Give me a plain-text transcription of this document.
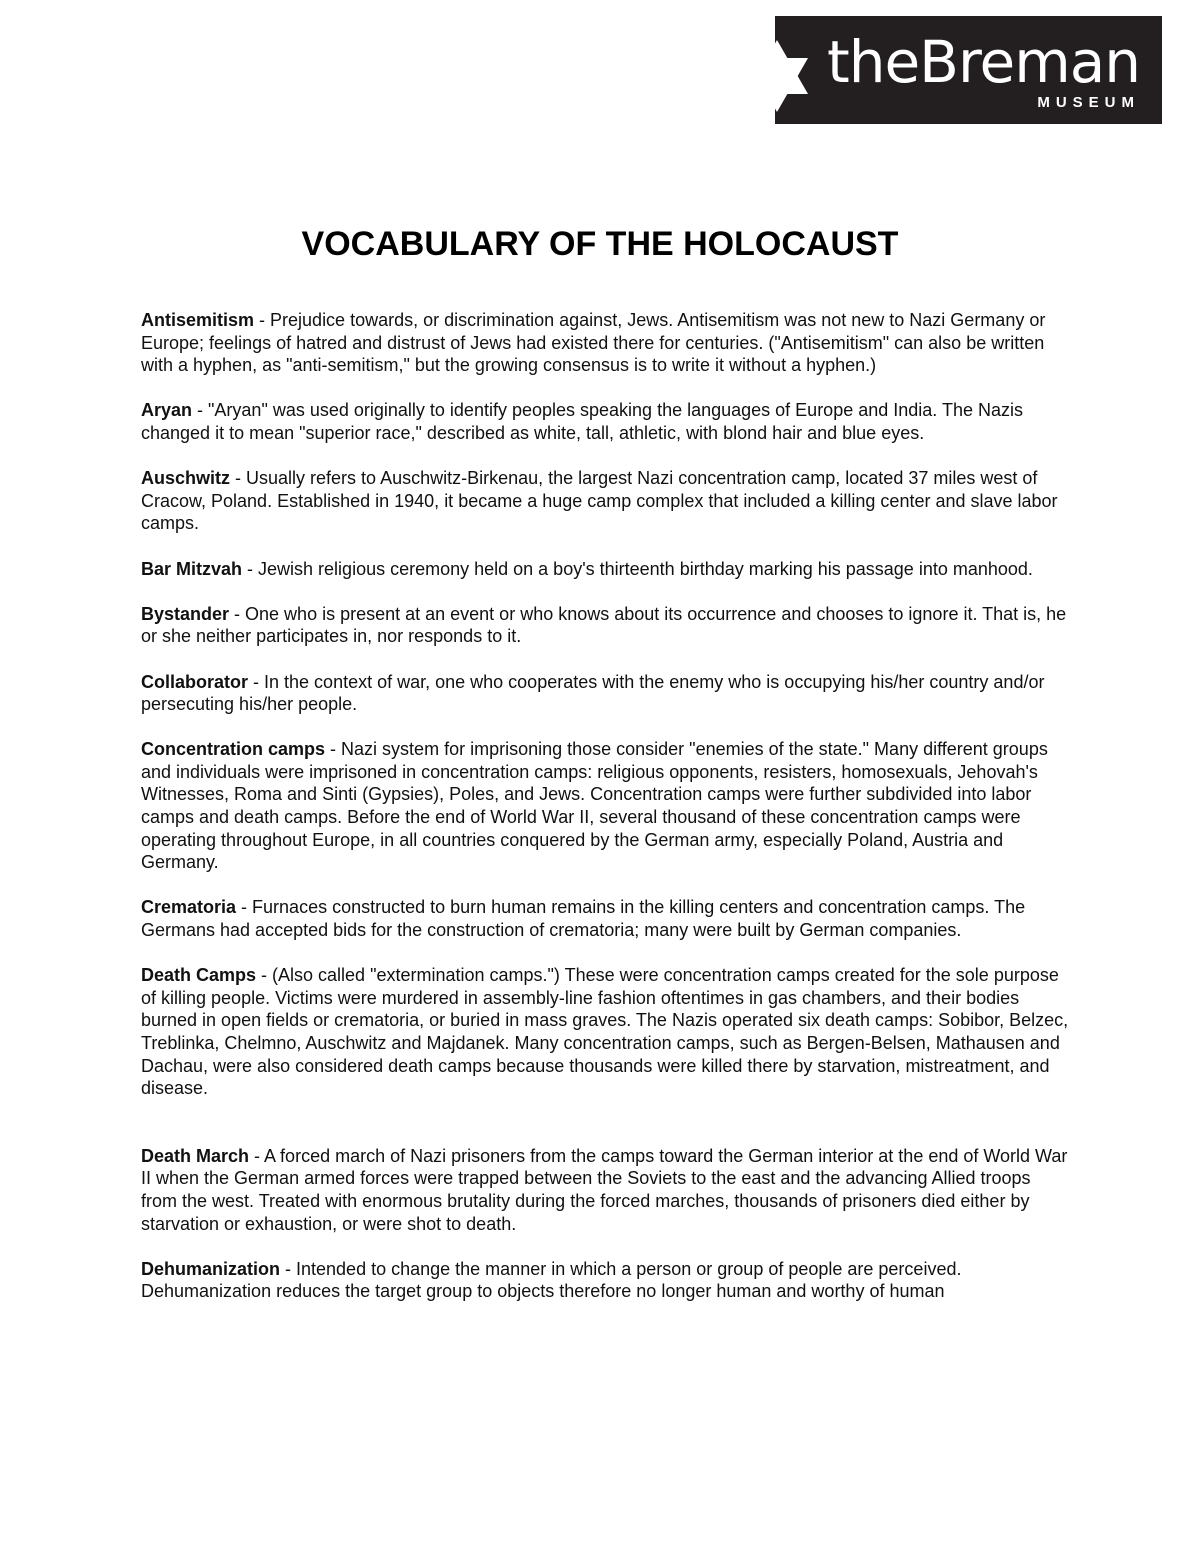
theBreman
MUSEUM
VOCABULARY OF THE HOLOCAUST

Antisemitism - Prejudice towards, or discrimination against, Jews. Antisemitism was not new to Nazi Germany or Europe; feelings of hatred and distrust of Jews had existed there for centuries. ("Antisemitism" can also be written with a hyphen, as "anti-semitism," but the growing consensus is to write it without a hyphen.)

Aryan - "Aryan" was used originally to identify peoples speaking the languages of Europe and India. The Nazis changed it to mean "superior race," described as white, tall, athletic, with blond hair and blue eyes.

Auschwitz - Usually refers to Auschwitz-Birkenau, the largest Nazi concentration camp, located 37 miles west of Cracow, Poland. Established in 1940, it became a huge camp complex that included a killing center and slave labor camps.

Bar Mitzvah - Jewish religious ceremony held on a boy's thirteenth birthday marking his passage into manhood.

Bystander - One who is present at an event or who knows about its occurrence and chooses to ignore it. That is, he or she neither participates in, nor responds to it.

Collaborator - In the context of war, one who cooperates with the enemy who is occupying his/her country and/or persecuting his/her people.

Concentration camps - Nazi system for imprisoning those consider "enemies of the state." Many different groups and individuals were imprisoned in concentration camps: religious opponents, resisters, homosexuals, Jehovah's Witnesses, Roma and Sinti (Gypsies), Poles, and Jews. Concentration camps were further subdivided into labor camps and death camps. Before the end of World War II, several thousand of these concentration camps were operating throughout Europe, in all countries conquered by the German army, especially Poland, Austria and Germany.

Crematoria - Furnaces constructed to burn human remains in the killing centers and concentration camps. The Germans had accepted bids for the construction of crematoria; many were built by German companies.

Death Camps - (Also called "extermination camps.") These were concentration camps created for the sole purpose of killing people. Victims were murdered in assembly-line fashion oftentimes in gas chambers, and their bodies burned in open fields or crematoria, or buried in mass graves. The Nazis operated six death camps: Sobibor, Belzec, Treblinka, Chelmno, Auschwitz and Majdanek. Many concentration camps, such as Bergen-Belsen, Mathausen and Dachau, were also considered death camps because thousands were killed there by starvation, mistreatment, and disease.

Death March - A forced march of Nazi prisoners from the camps toward the German interior at the end of World War II when the German armed forces were trapped between the Soviets to the east and the advancing Allied troops from the west. Treated with enormous brutality during the forced marches, thousands of prisoners died either by starvation or exhaustion, or were shot to death.

Dehumanization - Intended to change the manner in which a person or group of people are perceived. Dehumanization reduces the target group to objects therefore no longer human and worthy of human
